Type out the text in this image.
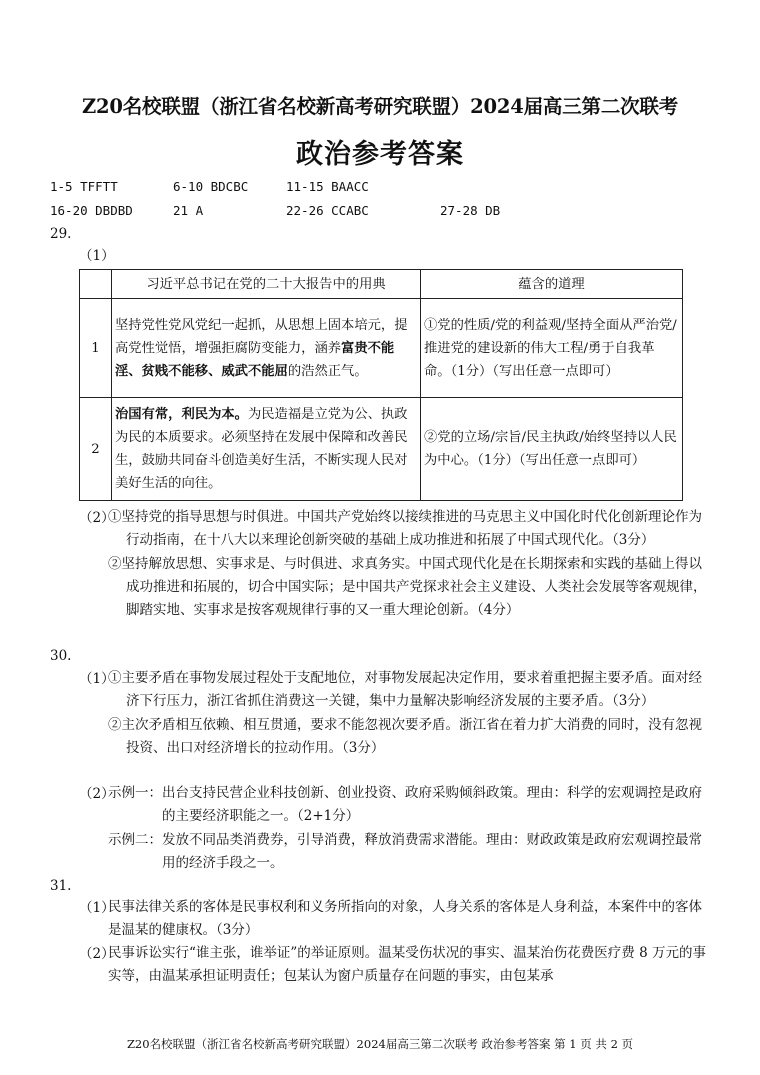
Z20名校联盟（浙江省名校新高考研究联盟）2024届高三第二次联考
政治参考答案
1-5 TFFTT	6-10 BDCBC	11-15 BAACC
16-20 DBDBD	21 A	22-26 CCABC	27-28 DB
29.
（1）
	习近平总书记在党的二十大报告中的用典	蕴含的道理
1	坚持党性党风党纪一起抓，从思想上固本培元，提高党性觉悟，增强拒腐防变能力，涵养富贵不能淫、贫贱不能移、威武不能屈的浩然正气。	①党的性质/党的利益观/坚持全面从严治党/推进党的建设新的伟大工程/勇于自我革命。（1分）（写出任意一点即可）
2	治国有常，利民为本。为民造福是立党为公、执政为民的本质要求。必须坚持在发展中保障和改善民生，鼓励共同奋斗创造美好生活，不断实现人民对美好生活的向往。	②党的立场/宗旨/民主执政/始终坚持以人民为中心。（1分）（写出任意一点即可）
（2）
①坚持党的指导思想与时俱进。中国共产党始终以接续推进的马克思主义中国化时代化创新理论作为行动指南，在十八大以来理论创新突破的基础上成功推进和拓展了中国式现代化。（3分）
②坚持解放思想、实事求是、与时俱进、求真务实。中国式现代化是在长期探索和实践的基础上得以成功推进和拓展的，切合中国实际；是中国共产党探求社会主义建设、人类社会发展等客观规律，脚踏实地、实事求是按客观规律行事的又一重大理论创新。（4分）
30.
（1）
①主要矛盾在事物发展过程处于支配地位，对事物发展起决定作用，要求着重把握主要矛盾。面对经济下行压力，浙江省抓住消费这一关键，集中力量解决影响经济发展的主要矛盾。（3分）
②主次矛盾相互依赖、相互贯通，要求不能忽视次要矛盾。浙江省在着力扩大消费的同时，没有忽视投资、出口对经济增长的拉动作用。（3分）
（2）
示例一： 出台支持民营企业科技创新、创业投资、政府采购倾斜政策。理由：科学的宏观调控是政府的主要经济职能之一。（2+1分）
示例二： 发放不同品类消费券，引导消费，释放消费需求潜能。理由：财政政策是政府宏观调控最常用的经济手段之一。
31.
（1）
民事法律关系的客体是民事权利和义务所指向的对象，人身关系的客体是人身利益，本案件中的客体是温某的健康权。（3分）
（2）
民事诉讼实行“谁主张，谁举证”的举证原则。温某受伤状况的事实、温某治伤花费医疗费 8 万元的事实等，由温某承担证明责任；包某认为窗户质量存在问题的事实，由包某承
Z20名校联盟（浙江省名校新高考研究联盟）2024届高三第二次联考 政治参考答案 第 1 页 共 2 页
